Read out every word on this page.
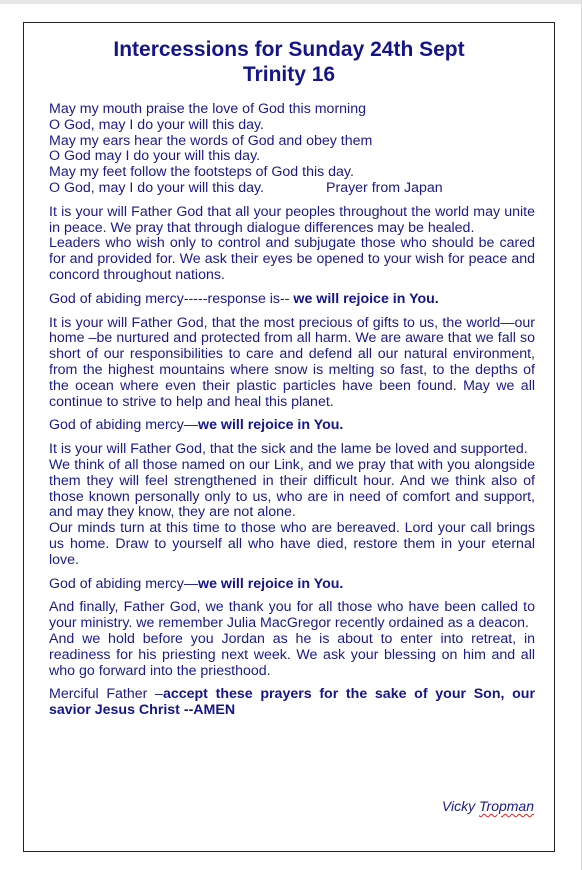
Intercessions for Sunday 24th Sept
Trinity 16

May my mouth praise the love of God this morning
O God, may I do your will this day.
May my ears hear the words of God and obey them
O God may I do your will this day.
May my feet follow the footsteps of God this day.
O God, may I do your will this day.	Prayer from Japan

It is your will Father God that all your peoples throughout the world may unite in peace. We pray that through dialogue differences may be healed.
Leaders who wish only to control and subjugate those who should be cared for and provided for. We ask their eyes be opened to your wish for peace and concord throughout nations.

God of abiding mercy-----response is-- we will rejoice in You.

It is your will Father God, that the most precious of gifts to us, the world—our home –be nurtured and protected from all harm. We are aware that we fall so short of our responsibilities to care and defend all our natural environment, from the highest mountains where snow is melting so fast, to the depths of the ocean where even their plastic particles have been found. May we all continue to strive to help and heal this planet.

God of abiding mercy—we will rejoice in You.

It is your will Father God, that the sick and the lame be loved and supported.
We think of all those named on our Link, and we pray that with you alongside them they will feel strengthened in their difficult hour. And we think also of those known personally only to us, who are in need of comfort and support, and may they know, they are not alone.
Our minds turn at this time to those who are bereaved. Lord your call brings us home. Draw to yourself all who have died, restore them in your eternal love.

God of abiding mercy—we will rejoice in You.

And finally, Father God, we thank you for all those who have been called to your ministry. we remember Julia MacGregor recently ordained as a deacon.
And we hold before you Jordan as he is about to enter into retreat, in readiness for his priesting next week. We ask your blessing on him and all who go forward into the priesthood.

Merciful Father –accept these prayers for the sake of your Son, our savior Jesus Christ --AMEN

Vicky Tropman
